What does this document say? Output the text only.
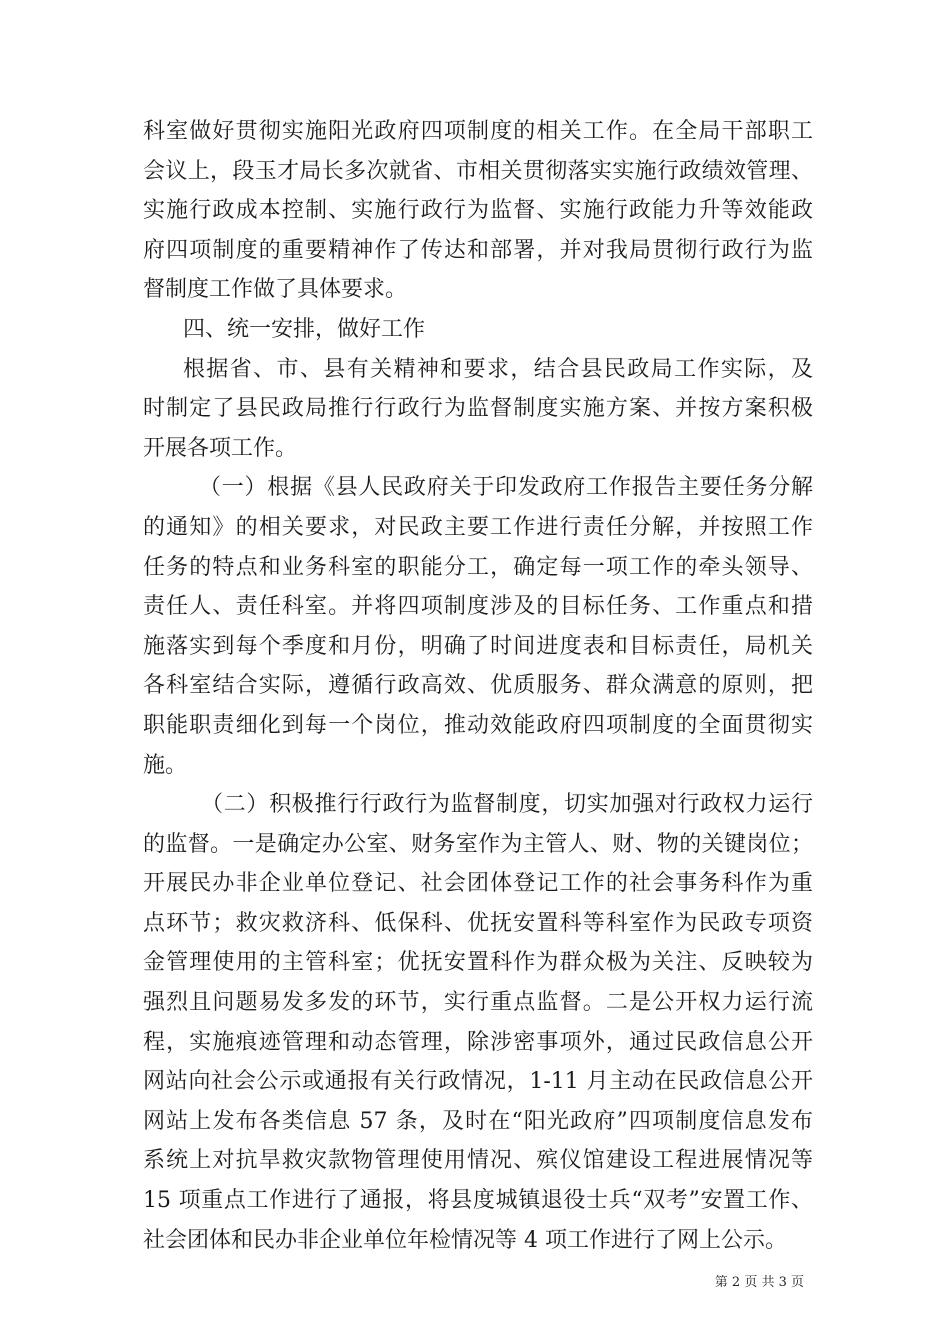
科室做好贯彻实施阳光政府四项制度的相关工作。在全局干部职工
会议上，段玉才局长多次就省、市相关贯彻落实实施行政绩效管理、
实施行政成本控制、实施行政行为监督、实施行政能力升等效能政
府四项制度的重要精神作了传达和部署，并对我局贯彻行政行为监
督制度工作做了具体要求。
四、统一安排，做好工作
根据省、市、县有关精神和要求，结合县民政局工作实际，及
时制定了县民政局推行行政行为监督制度实施方案、并按方案积极
开展各项工作。
（一）根据《县人民政府关于印发政府工作报告主要任务分解
的通知》的相关要求，对民政主要工作进行责任分解，并按照工作
任务的特点和业务科室的职能分工，确定每一项工作的牵头领导、
责任人、责任科室。并将四项制度涉及的目标任务、工作重点和措
施落实到每个季度和月份，明确了时间进度表和目标责任，局机关
各科室结合实际，遵循行政高效、优质服务、群众满意的原则，把
职能职责细化到每一个岗位，推动效能政府四项制度的全面贯彻实
施。
（二）积极推行行政行为监督制度，切实加强对行政权力运行
的监督。一是确定办公室、财务室作为主管人、财、物的关键岗位；
开展民办非企业单位登记、社会团体登记工作的社会事务科作为重
点环节；救灾救济科、低保科、优抚安置科等科室作为民政专项资
金管理使用的主管科室；优抚安置科作为群众极为关注、反映较为
强烈且问题易发多发的环节，实行重点监督。二是公开权力运行流
程，实施痕迹管理和动态管理，除涉密事项外，通过民政信息公开
网站向社会公示或通报有关行政情况，1-11 月主动在民政信息公开
网站上发布各类信息 57 条，及时在“阳光政府”四项制度信息发布
系统上对抗旱救灾款物管理使用情况、殡仪馆建设工程进展情况等
15 项重点工作进行了通报，将县度城镇退役士兵“双考”安置工作、
社会团体和民办非企业单位年检情况等 4 项工作进行了网上公示。
第 2 页 共 3 页
